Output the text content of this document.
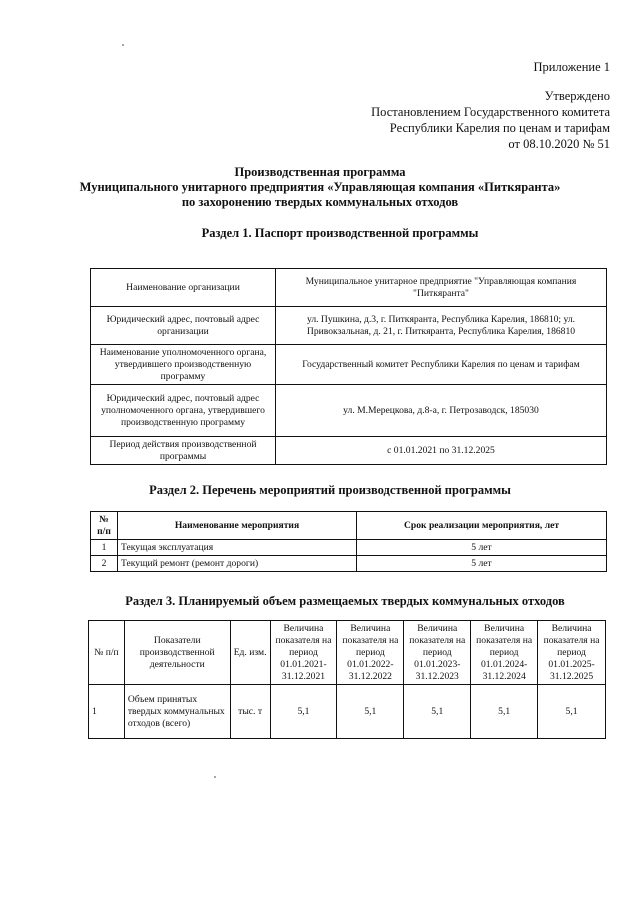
Приложение 1
Утверждено
Постановлением Государственного комитета
Республики Карелия по ценам и тарифам
от 08.10.2020 № 51
Производственная программа
Муниципального унитарного предприятия «Управляющая компания «Питкяранта»
по захоронению твердых коммунальных отходов
Раздел 1. Паспорт производственной программы
Наименование организации	Муниципальное унитарное предприятие "Управляющая компания "Питкяранта"
Юридический адрес, почтовый адрес организации	ул. Пушкина, д.3, г. Питкяранта, Республика Карелия, 186810; ул. Привокзальная, д. 21, г. Питкяранта, Республика Карелия, 186810
Наименование уполномоченного органа, утвердившего производственную программу	Государственный комитет Республики Карелия по ценам и тарифам
Юридический адрес, почтовый адрес уполномоченного органа, утвердившего производственную программу	ул. М.Мерецкова, д.8-а, г. Петрозаводск, 185030
Период действия производственной программы	с 01.01.2021 по 31.12.2025
Раздел 2. Перечень мероприятий производственной программы
№ п/п	Наименование мероприятия	Срок реализации мероприятия, лет
1	Текущая эксплуатация	5 лет
2	Текущий ремонт (ремонт дороги)	5 лет
Раздел 3. Планируемый объем размещаемых твердых коммунальных отходов
№ п/п	Показатели производственной деятельности	Ед. изм.	Величина показателя на период 01.01.2021-31.12.2021	Величина показателя на период 01.01.2022-31.12.2022	Величина показателя на период 01.01.2023-31.12.2023	Величина показателя на период 01.01.2024-31.12.2024	Величина показателя на период 01.01.2025-31.12.2025
1	Объем принятых твердых коммунальных отходов (всего)	тыс. т	5,1	5,1	5,1	5,1	5,1
